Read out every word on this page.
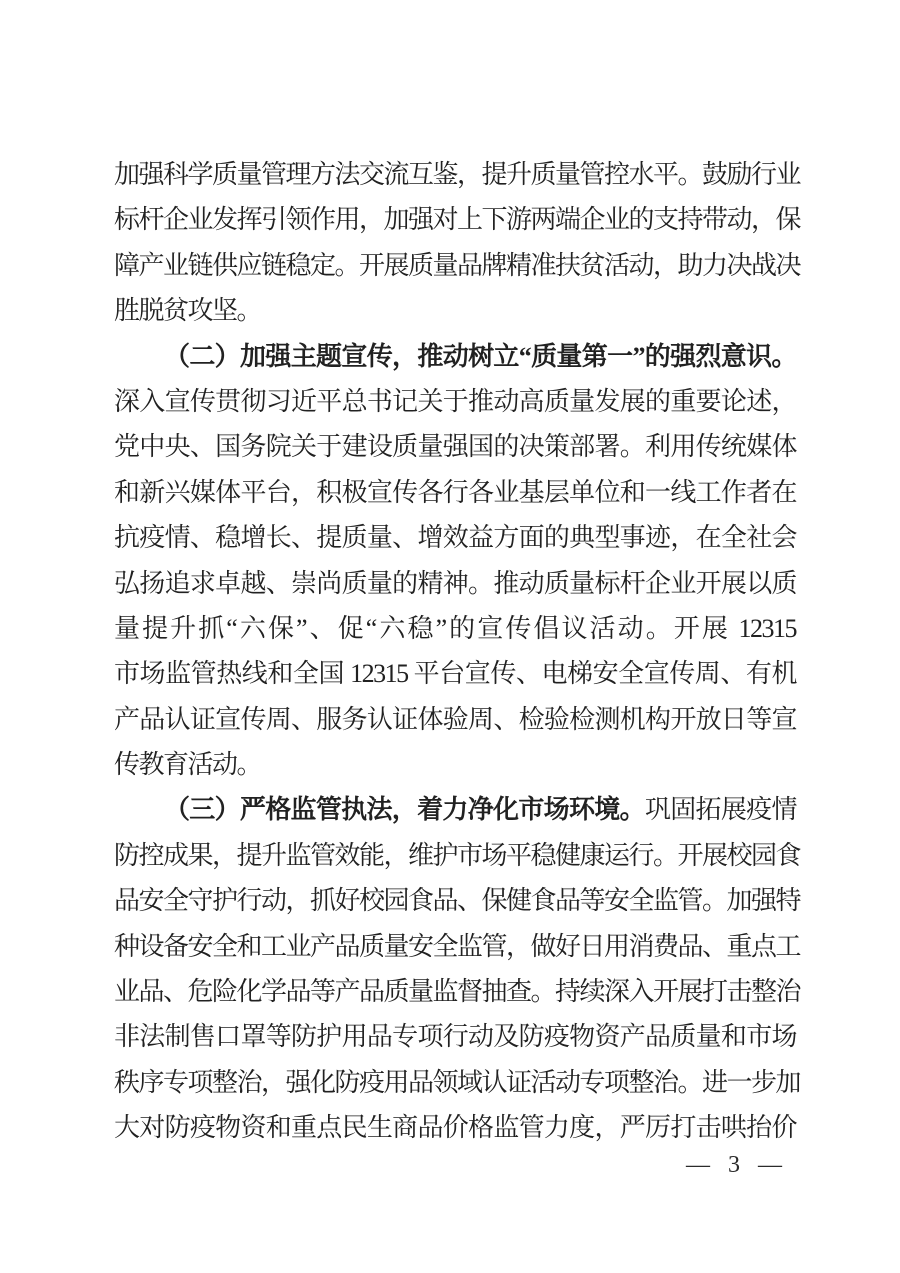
加强科学质量管理方法交流互鉴，提升质量管控水平。鼓励行业
标杆企业发挥引领作用，加强对上下游两端企业的支持带动，保
障产业链供应链稳定。开展质量品牌精准扶贫活动，助力决战决
胜脱贫攻坚。
（二）加强主题宣传，推动树立“质量第一”的强烈意识。
深入宣传贯彻习近平总书记关于推动高质量发展的重要论述，
党中央、国务院关于建设质量强国的决策部署。利用传统媒体
和新兴媒体平台，积极宣传各行各业基层单位和一线工作者在
抗疫情、稳增长、提质量、增效益方面的典型事迹，在全社会
弘扬追求卓越、崇尚质量的精神。推动质量标杆企业开展以质
量提升抓“六保”、促“六稳”的宣传倡议活动。开展 12315
市场监管热线和全国 12315 平台宣传、电梯安全宣传周、有机
产品认证宣传周、服务认证体验周、检验检测机构开放日等宣
传教育活动。
（三）严格监管执法，着力净化市场环境。巩固拓展疫情
防控成果，提升监管效能，维护市场平稳健康运行。开展校园食
品安全守护行动，抓好校园食品、保健食品等安全监管。加强特
种设备安全和工业产品质量安全监管，做好日用消费品、重点工
业品、危险化学品等产品质量监督抽查。持续深入开展打击整治
非法制售口罩等防护用品专项行动及防疫物资产品质量和市场
秩序专项整治，强化防疫用品领域认证活动专项整治。进一步加
大对防疫物资和重点民生商品价格监管力度，严厉打击哄抬价
— 3 —
